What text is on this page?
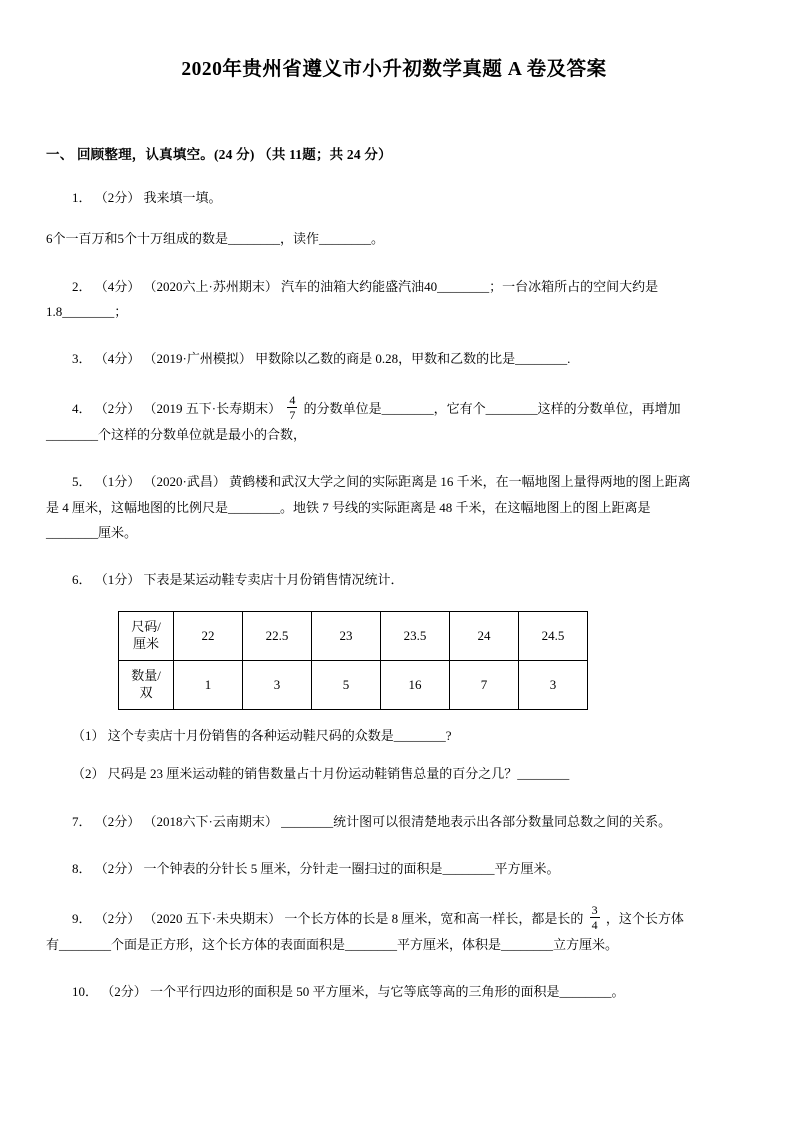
2020年贵州省遵义市小升初数学真题 A 卷及答案
一、 回顾整理，认真填空。(24 分) （共 11题；共 24 分）
1． （2分） 我来填一填。
6个一百万和5个十万组成的数是________，读作________。
2． （4分） （2020六上·苏州期末） 汽车的油箱大约能盛汽油40________；一台冰箱所占的空间大约是
1.8________；
3． （4分） （2019·广州模拟） 甲数除以乙数的商是 0.28，甲数和乙数的比是________.
4． （2分） （2019 五下·长寿期末） $\frac{4}{7}$ 的分数单位是________，它有个________这样的分数单位，再增加
________个这样的分数单位就是最小的合数，
5． （1分） （2020·武昌） 黄鹤楼和武汉大学之间的实际距离是 16 千米，在一幅地图上量得两地的图上距离
是 4 厘米，这幅地图的比例尺是________。地铁 7 号线的实际距离是 48 千米，在这幅地图上的图上距离是
________厘米。
6． （1分） 下表是某运动鞋专卖店十月份销售情况统计．
尺码/
厘米	22	22.5	23	23.5	24	24.5
数量/
双	1	3	5	16	7	3
（1） 这个专卖店十月份销售的各种运动鞋尺码的众数是________?
（2） 尺码是 23 厘米运动鞋的销售数量占十月份运动鞋销售总量的百分之几？________
7． （2分） （2018六下·云南期末） ________统计图可以很清楚地表示出各部分数量同总数之间的关系。
8． （2分） 一个钟表的分针长 5 厘米，分针走一圈扫过的面积是________平方厘米。
9． （2分） （2020 五下·未央期末） 一个长方体的长是 8 厘米，宽和高一样长，都是长的 $\frac{3}{4}$ ，这个长方体
有________个面是正方形，这个长方体的表面面积是________平方厘米，体积是________立方厘米。
10． （2分） 一个平行四边形的面积是 50 平方厘米，与它等底等高的三角形的面积是________。
